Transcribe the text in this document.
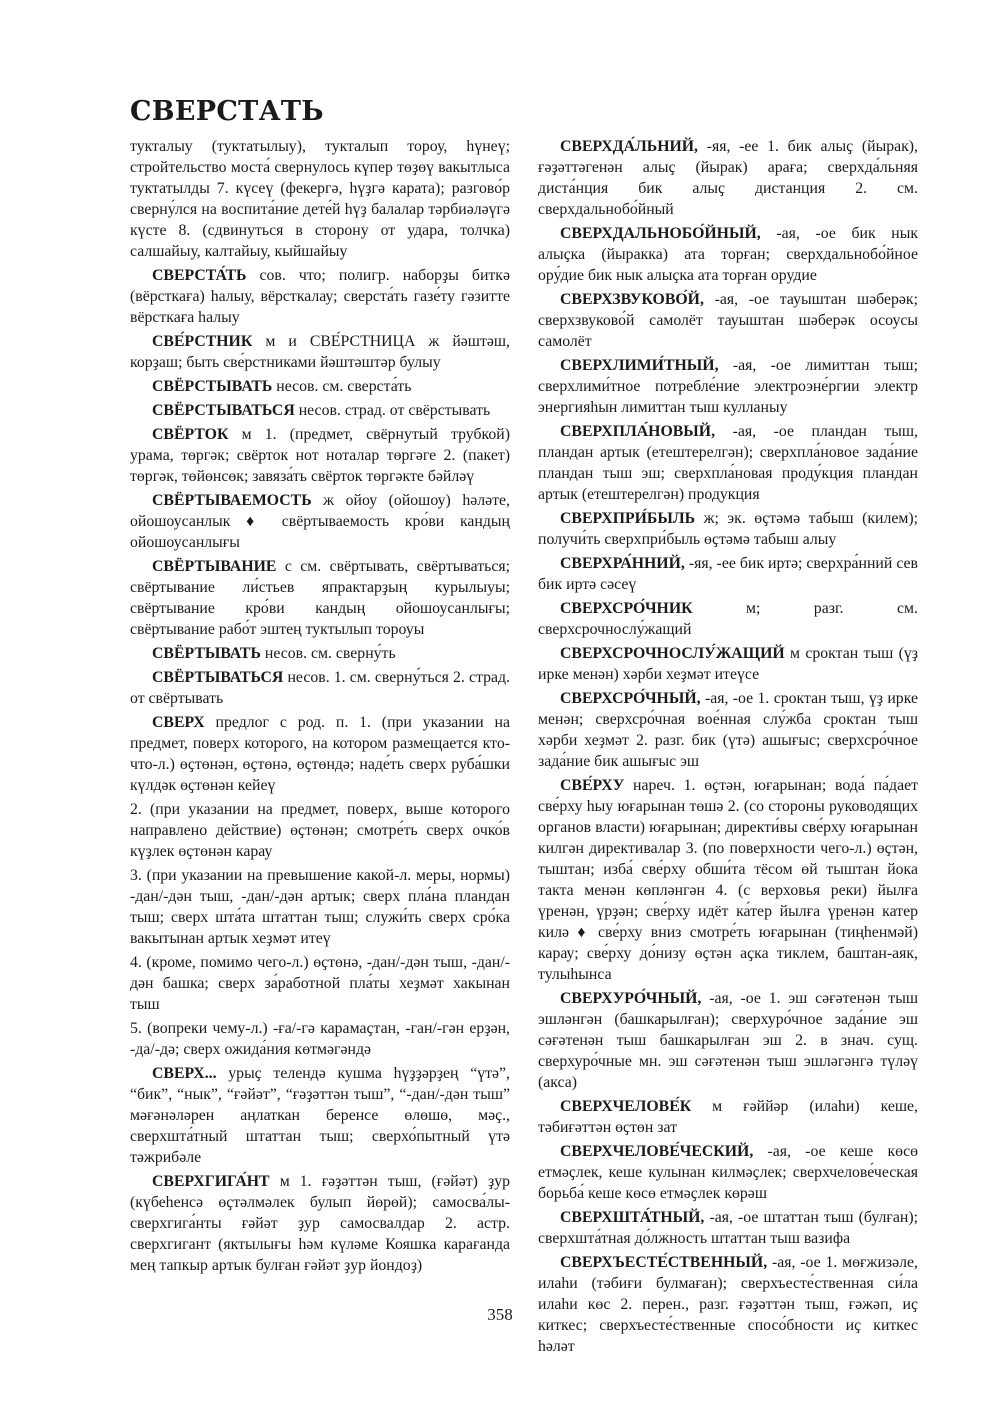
СВЕРСТАТЬ

тукталыу (туктатылыу), тукталып тороу, һүнеү; стройтельство моста́ свернулось күпер төҙөү вакытлыса туктатылды 7. күсеү (фекергә, һүҙгә карата); разгово́р сверну́лся на воспита́ние дете́й һүҙ балалар тәрбиәләүгә күсте 8. (сдвинуться в сторону от удара, толчка) салшайыу, калтайыу, кыйшайыу

СВЕРСТА́ТЬ сов. что; полигр. наборҙы биткә (вёрсткаға) һалыу, вёрсткалау; сверста́ть газе́ту гәзитте вёрсткаға һалыу

СВЕ́РСТНИК м и СВЕ́РСТНИЦА ж йәштәш, корҙаш; быть све́рстниками йәштәштәр булыу

СВЁРСТЫВАТЬ несов. см. сверста́ть

СВЁРСТЫВАТЬСЯ несов. страд. от свёрстывать

СВЁРТОК м 1. (предмет, свёрнутый трубкой) урама, төргәк; свёрток нот ноталар төргәге 2. (пакет) төргәк, төйөнсөк; завяза́ть свёрток төргәкте бәйләү

СВЁРТЫВАЕМОСТЬ ж ойоу (ойошоу) һәләте, ойошоусанлык ♦ свёртываемость кро́ви кандың ойошоусанлығы

СВЁРТЫВАНИЕ с см. свёртывать, свёртываться; свёртывание ли́стьев япрактарҙың курылыуы; свёртывание кро́ви кандың ойошоусанлығы; свёртывание рабо́т эштең туктылып тороуы

СВЁРТЫВАТЬ несов. см. сверну́ть

СВЁРТЫВАТЬСЯ несов. 1. см. сверну́ться 2. страд. от свёртывать

СВЕРХ предлог с род. п. 1. (при указании на предмет, поверх которого, на котором размещается кто-что-л.) өҫтөнән, өҫтөнә, өҫтөндә; наде́ть сверх руба́шки күлдәк өҫтөнән кейеү

2. (при указании на предмет, поверх, выше которого направлено действие) өҫтөнән; смотре́ть сверх очко́в күҙлек өҫтөнән карау

3. (при указании на превышение какой-л. меры, нормы) -дан/-дән тыш, -дан/-дән артык; сверх пла́на пландан тыш; сверх шта́та штаттан тыш; служи́ть сверх сро́ка вакытынан артык хеҙмәт итеү

4. (кроме, помимо чего-л.) өҫтөнә, -дан/-дән тыш, -дан/-дән башка; сверх за́работной пла́ты хеҙмәт хакынан тыш

5. (вопреки чему-л.) -ға/-гә карамаҫтан, -ган/-гән ерҙән, -да/-дә; сверх ожида́ния көтмәгәндә

СВЕРХ... урыҫ телендә кушма һүҙҙәрҙең “үтә”, “бик”, “нык”, “ғәйәт”, “ғәҙәттән тыш”, “-дан/-дән тыш” мәғәнәләрен аңлаткан беренсе өлөшө, мәҫ., сверхшта́тный штаттан тыш; сверхо́пытный үтә тәжрибәле

СВЕРХГИГА́НТ м 1. ғәҙәттән тыш, (ғәйәт) ҙур (күбеһенсә өҫтәлмәлек булып йөрөй); самосва́лы-сверхгига́нты ғәйәт ҙур самосвалдар 2. астр. сверхгигант (яктылығы һәм күләме Кояшка карағанда мең тапкыр артык булған ғәйәт ҙур йондоҙ)

СВЕРХДА́ЛЬНИЙ, -яя, -ее 1. бик алыҫ (йырак), ғәҙәттәгенән алыҫ (йырак) араға; сверхда́льняя диста́нция бик алыҫ дистанция 2. см. сверхдальнобо́йный

СВЕРХДАЛЬНОБО́ЙНЫЙ, -ая, -ое бик нык алыҫка (йыракка) ата торған; сверхдальнобо́йное ору́дие бик нык алыҫка ата торған орудие

СВЕРХЗВУКОВО́Й, -ая, -ое тауыштан шәберәк; сверхзвуково́й самолёт тауыштан шәберәк осоусы самолёт

СВЕРХЛИМИ́ТНЫЙ, -ая, -ое лимиттан тыш; сверхлими́тное потребле́ние электроэне́ргии электр энергияһын лимиттан тыш кулланыу

СВЕРХПЛА́НОВЫЙ, -ая, -ое пландан тыш, пландан артык (етештерелгән); сверхпла́новое зада́ние пландан тыш эш; сверхпла́новая проду́кция пландан артык (етештерелгән) продукция

СВЕРХПРИ́БЫЛЬ ж; эк. өҫтәмә табыш (килем); получи́ть сверхпри́быль өҫтәмә табыш алыу

СВЕРХРА́ННИЙ, -яя, -ее бик иртә; сверхра́нний сев бик иртә сәсеү

СВЕРХСРО́ЧНИК м; разг. см. сверхсрочнослу́жащий

СВЕРХСРОЧНОСЛУ́ЖАЩИЙ м сроктан тыш (үҙ ирке менән) хәрби хеҙмәт итеүсе

СВЕРХСРО́ЧНЫЙ, -ая, -ое 1. сроктан тыш, үҙ ирке менән; сверхсро́чная вое́нная слу́жба сроктан тыш хәрби хеҙмәт 2. разг. бик (үтә) ашығыс; сверхсро́чное зада́ние бик ашығыс эш

СВЕ́РХУ нареч. 1. өҫтән, юғарынан; вода́ па́дает све́рху һыу юғарынан төшә 2. (со стороны руководящих органов власти) юғарынан; директи́вы све́рху юғарынан килгән директивалар 3. (по поверхности чего-л.) өҫтән, тыштан; изба́ све́рху обши́та тёсом өй тыштан йока такта менән көпләнгән 4. (с верховья реки) йылға үренән, үрҙән; све́рху идёт ка́тер йылға үренән катер килә ♦ све́рху вниз смотре́ть юғарынан (тиңһенмәй) карау; све́рху до́низу өҫтән аҫка тиклем, баштан-аяк, тулыһынса

СВЕРХУРО́ЧНЫЙ, -ая, -ое 1. эш сәғәтенән тыш эшләнгән (башкарылған); сверхуро́чное зада́ние эш сәғәтенән тыш башкарылған эш 2. в знач. сущ. сверхуро́чные мн. эш сәғәтенән тыш эшләгәнгә түләү (акса)

СВЕРХЧЕЛОВЕ́К м ғәййәр (илаһи) кеше, тәбиғәттән өҫтөн зат

СВЕРХЧЕЛОВЕ́ЧЕСКИЙ, -ая, -ое кеше көсө етмәҫлек, кеше кулынан килмәҫлек; сверхчелове́ческая борьба́ кеше көсө етмәҫлек көрәш

СВЕРХШТА́ТНЫЙ, -ая, -ое штаттан тыш (булған); сверхшта́тная до́лжность штаттан тыш вазифа

СВЕРХЪЕСТЕ́СТВЕННЫЙ, -ая, -ое 1. мөғжизәле, илаһи (тәбиғи булмаған); сверхъесте́ственная си́ла илаһи көс 2. перен., разг. ғәҙәттән тыш, ғәжәп, иҫ киткес; сверхъесте́ственные спосо́бности иҫ киткес һәләт

358
